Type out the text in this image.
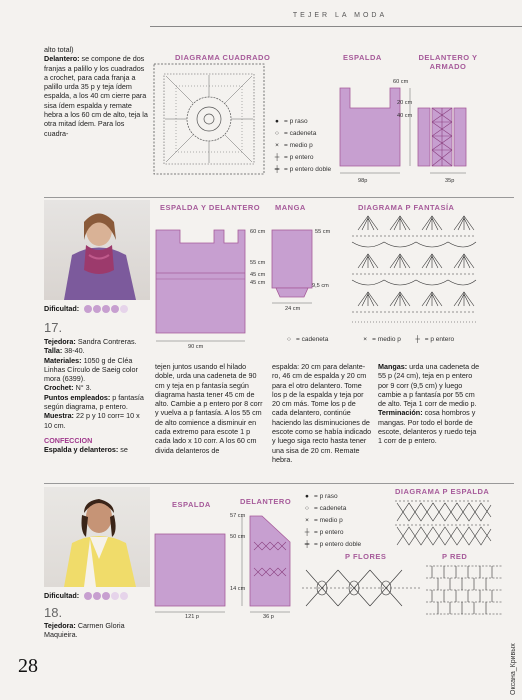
TEJER LA MODA
alto total)
Delantero: se compone de dos franjas a palillo y los cuadrados a crochet, para cada franja a palillo urda 35 p y teja ídem espalda, a los 40 cm cierre para sisa ídem espalda y remate hebra a los 60 cm de alto, teja la otra mitad ídem. Para los cuadra-
DIAGRAMA CUADRADO	ESPALDA	DELANTERO Y ARMADO
60 cm
20 cm
40 cm
98p	35p
● = p raso
○ = cadeneta
× = medio p
┼ = p entero
╪ = p entero doble
Dificultad:
17.
Tejedora: Sandra Contreras.
Talla: 38-40.
Materiales: 1050 g de Cléa Linhas Círculo de Saeig color mora (6399).
Crochet: N° 3.
Puntos empleados: p fantasía según diagrama, p entero.
Muestra: 22 p y 10 corr= 10 x 10 cm.
CONFECCION
Espalda y delanteros: se
ESPALDA Y DELANTERO MANGA	DIAGRAMA P FANTASÍA
60 cm
55 cm
45 cm
45 cm
90 cm
55 cm
9,5 cm
24 cm
○ = cadeneta	× = medio p ┼ = p entero
tejen juntos usando el hilado doble, urda una cadeneta de 90 cm y teja en p fantasía según diagrama hasta tener 45 cm de alto. Cambie a p entero por 8 corr y vuelva a p fantasía. A los 55 cm de alto comience a disminuir en cada extremo para escote 1 p cada lado x 10 corr. A los 60 cm divida delanteros de
espalda: 20 cm para delante-ro, 46 cm de espalda y 20 cm para el otro delantero. Tome los p de la espalda y teja por 20 cm más. Tome los p de cada delantero, continúe haciendo las disminuciones de escote como se había indicado y luego siga recto hasta tener una sisa de 20 cm. Remate hebra.
Mangas: urda una cadeneta de 55 p (24 cm), teja en p entero por 9 corr (9,5 cm) y luego cambie a p fantasía por 55 cm de alto. Teja 1 corr de medio p.
Terminación: cosa hombros y mangas. Por todo el borde de escote, delanteros y ruedo teja 1 corr de p entero.
Dificultad:
18.
Tejedora: Carmen Gloria Maquieira.
ESPALDA	DELANTERO
DIAGRAMA P ESPALDA
P FLORES	P RED
57 cm
50 cm
14 cm
121 p	36 p
● = p raso
○ = cadeneta
× = medio p
┼ = p entero
╪ = p entero doble
28	Оксана_Кривых
